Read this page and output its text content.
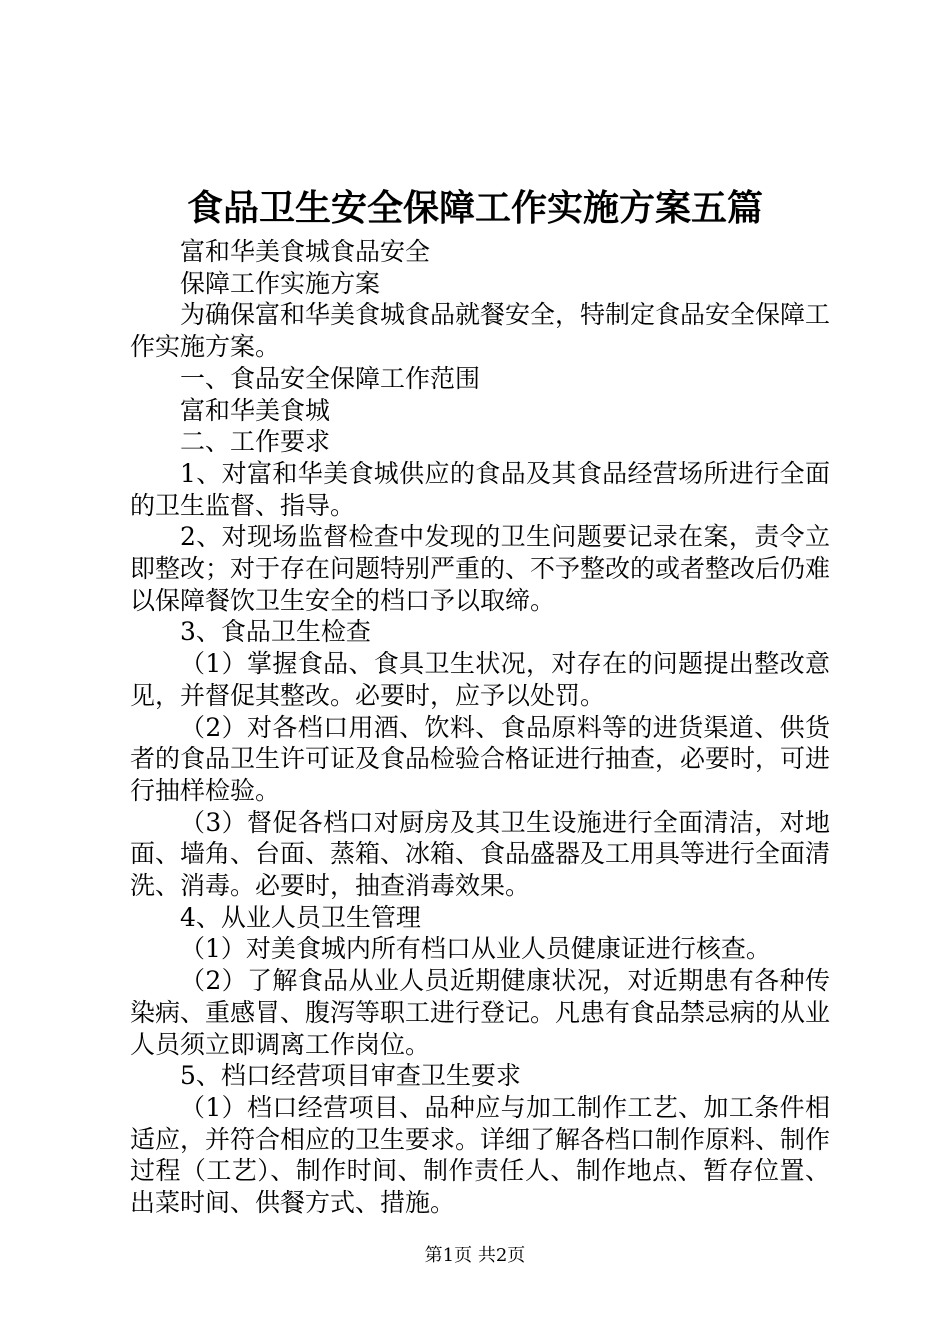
食品卫生安全保障工作实施方案五篇

富和华美食城食品安全

保障工作实施方案

为确保富和华美食城食品就餐安全，特制定食品安全保障工作实施方案。

一、食品安全保障工作范围

富和华美食城

二、工作要求

1、对富和华美食城供应的食品及其食品经营场所进行全面的卫生监督、指导。

2、对现场监督检查中发现的卫生问题要记录在案，责令立即整改；对于存在问题特别严重的、不予整改的或者整改后仍难以保障餐饮卫生安全的档口予以取缔。

3、食品卫生检查

（1）掌握食品、食具卫生状况，对存在的问题提出整改意见，并督促其整改。必要时，应予以处罚。

（2）对各档口用酒、饮料、食品原料等的进货渠道、供货者的食品卫生许可证及食品检验合格证进行抽查，必要时，可进行抽样检验。

（3）督促各档口对厨房及其卫生设施进行全面清洁，对地面、墙角、台面、蒸箱、冰箱、食品盛器及工用具等进行全面清洗、消毒。必要时，抽查消毒效果。

4、从业人员卫生管理

（1）对美食城内所有档口从业人员健康证进行核查。

（2）了解食品从业人员近期健康状况，对近期患有各种传染病、重感冒、腹泻等职工进行登记。凡患有食品禁忌病的从业人员须立即调离工作岗位。

5、档口经营项目审查卫生要求

（1）档口经营项目、品种应与加工制作工艺、加工条件相适应，并符合相应的卫生要求。详细了解各档口制作原料、制作过程（工艺）、制作时间、制作责任人、制作地点、暂存位置、出菜时间、供餐方式、措施。

第1页 共2页
